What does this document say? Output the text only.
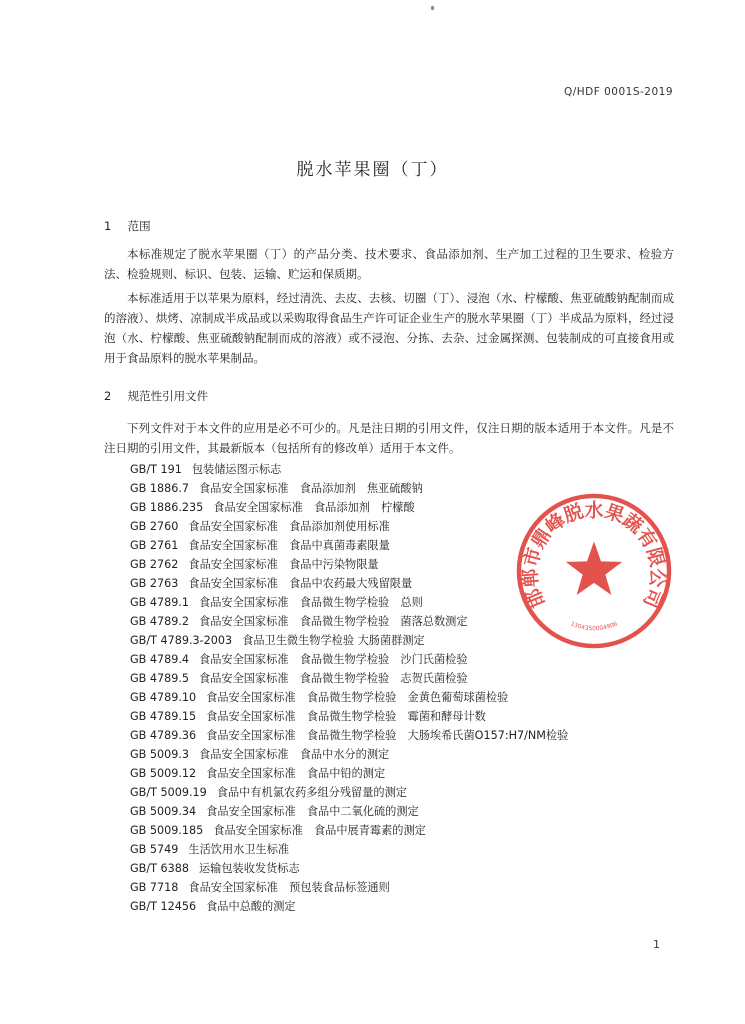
Q/HDF 0001S-2019
脱水苹果圈（丁）
1 范围

本标准规定了脱水苹果圈（丁）的产品分类、技术要求、食品添加剂、生产加工过程的卫生要求、检验方法、检验规则、标识、包装、运输、贮运和保质期。

本标准适用于以苹果为原料，经过清洗、去皮、去核、切圈（丁）、浸泡（水、柠檬酸、焦亚硫酸钠配制而成的溶液）、烘烤、凉制成半成品或以采购取得食品生产许可证企业生产的脱水苹果圈（丁）半成品为原料，经过浸泡（水、柠檬酸、焦亚硫酸钠配制而成的溶液）或不浸泡、分拣、去杂、过金属探测、包装制成的可直接食用或用于食品原料的脱水苹果制品。

2 规范性引用文件

下列文件对于本文件的应用是必不可少的。凡是注日期的引用文件，仅注日期的版本适用于本文件。凡是不注日期的引用文件，其最新版本（包括所有的修改单）适用于本文件。

GB/T 191 包装储运图示标志
GB 1886.7 食品安全国家标准　食品添加剂　焦亚硫酸钠
GB 1886.235 食品安全国家标准　食品添加剂　柠檬酸
GB 2760 食品安全国家标准　食品添加剂使用标准
GB 2761 食品安全国家标准　食品中真菌毒素限量
GB 2762 食品安全国家标准　食品中污染物限量
GB 2763 食品安全国家标准　食品中农药最大残留限量
GB 4789.1 食品安全国家标准　食品微生物学检验　总则
GB 4789.2 食品安全国家标准　食品微生物学检验　菌落总数测定
GB/T 4789.3-2003 食品卫生微生物学检验 大肠菌群测定
GB 4789.4 食品安全国家标准　食品微生物学检验　沙门氏菌检验
GB 4789.5 食品安全国家标准　食品微生物学检验　志贺氏菌检验
GB 4789.10 食品安全国家标准　食品微生物学检验　金黄色葡萄球菌检验
GB 4789.15 食品安全国家标准　食品微生物学检验　霉菌和酵母计数
GB 4789.36 食品安全国家标准　食品微生物学检验　大肠埃希氏菌O157:H7/NM检验
GB 5009.3 食品安全国家标准　食品中水分的测定
GB 5009.12 食品安全国家标准　食品中铅的测定
GB/T 5009.19 食品中有机氯农药多组分残留量的测定
GB 5009.34 食品安全国家标准　食品中二氧化硫的测定
GB 5009.185 食品安全国家标准　食品中展青霉素的测定
GB 5749 生活饮用水卫生标准
GB/T 6388 运输包装收发货标志
GB 7718 食品安全国家标准　预包装食品标签通则
GB/T 12456 食品中总酸的测定
邯郸市鼎峰脱水果蔬有限公司
1304350004906
1
